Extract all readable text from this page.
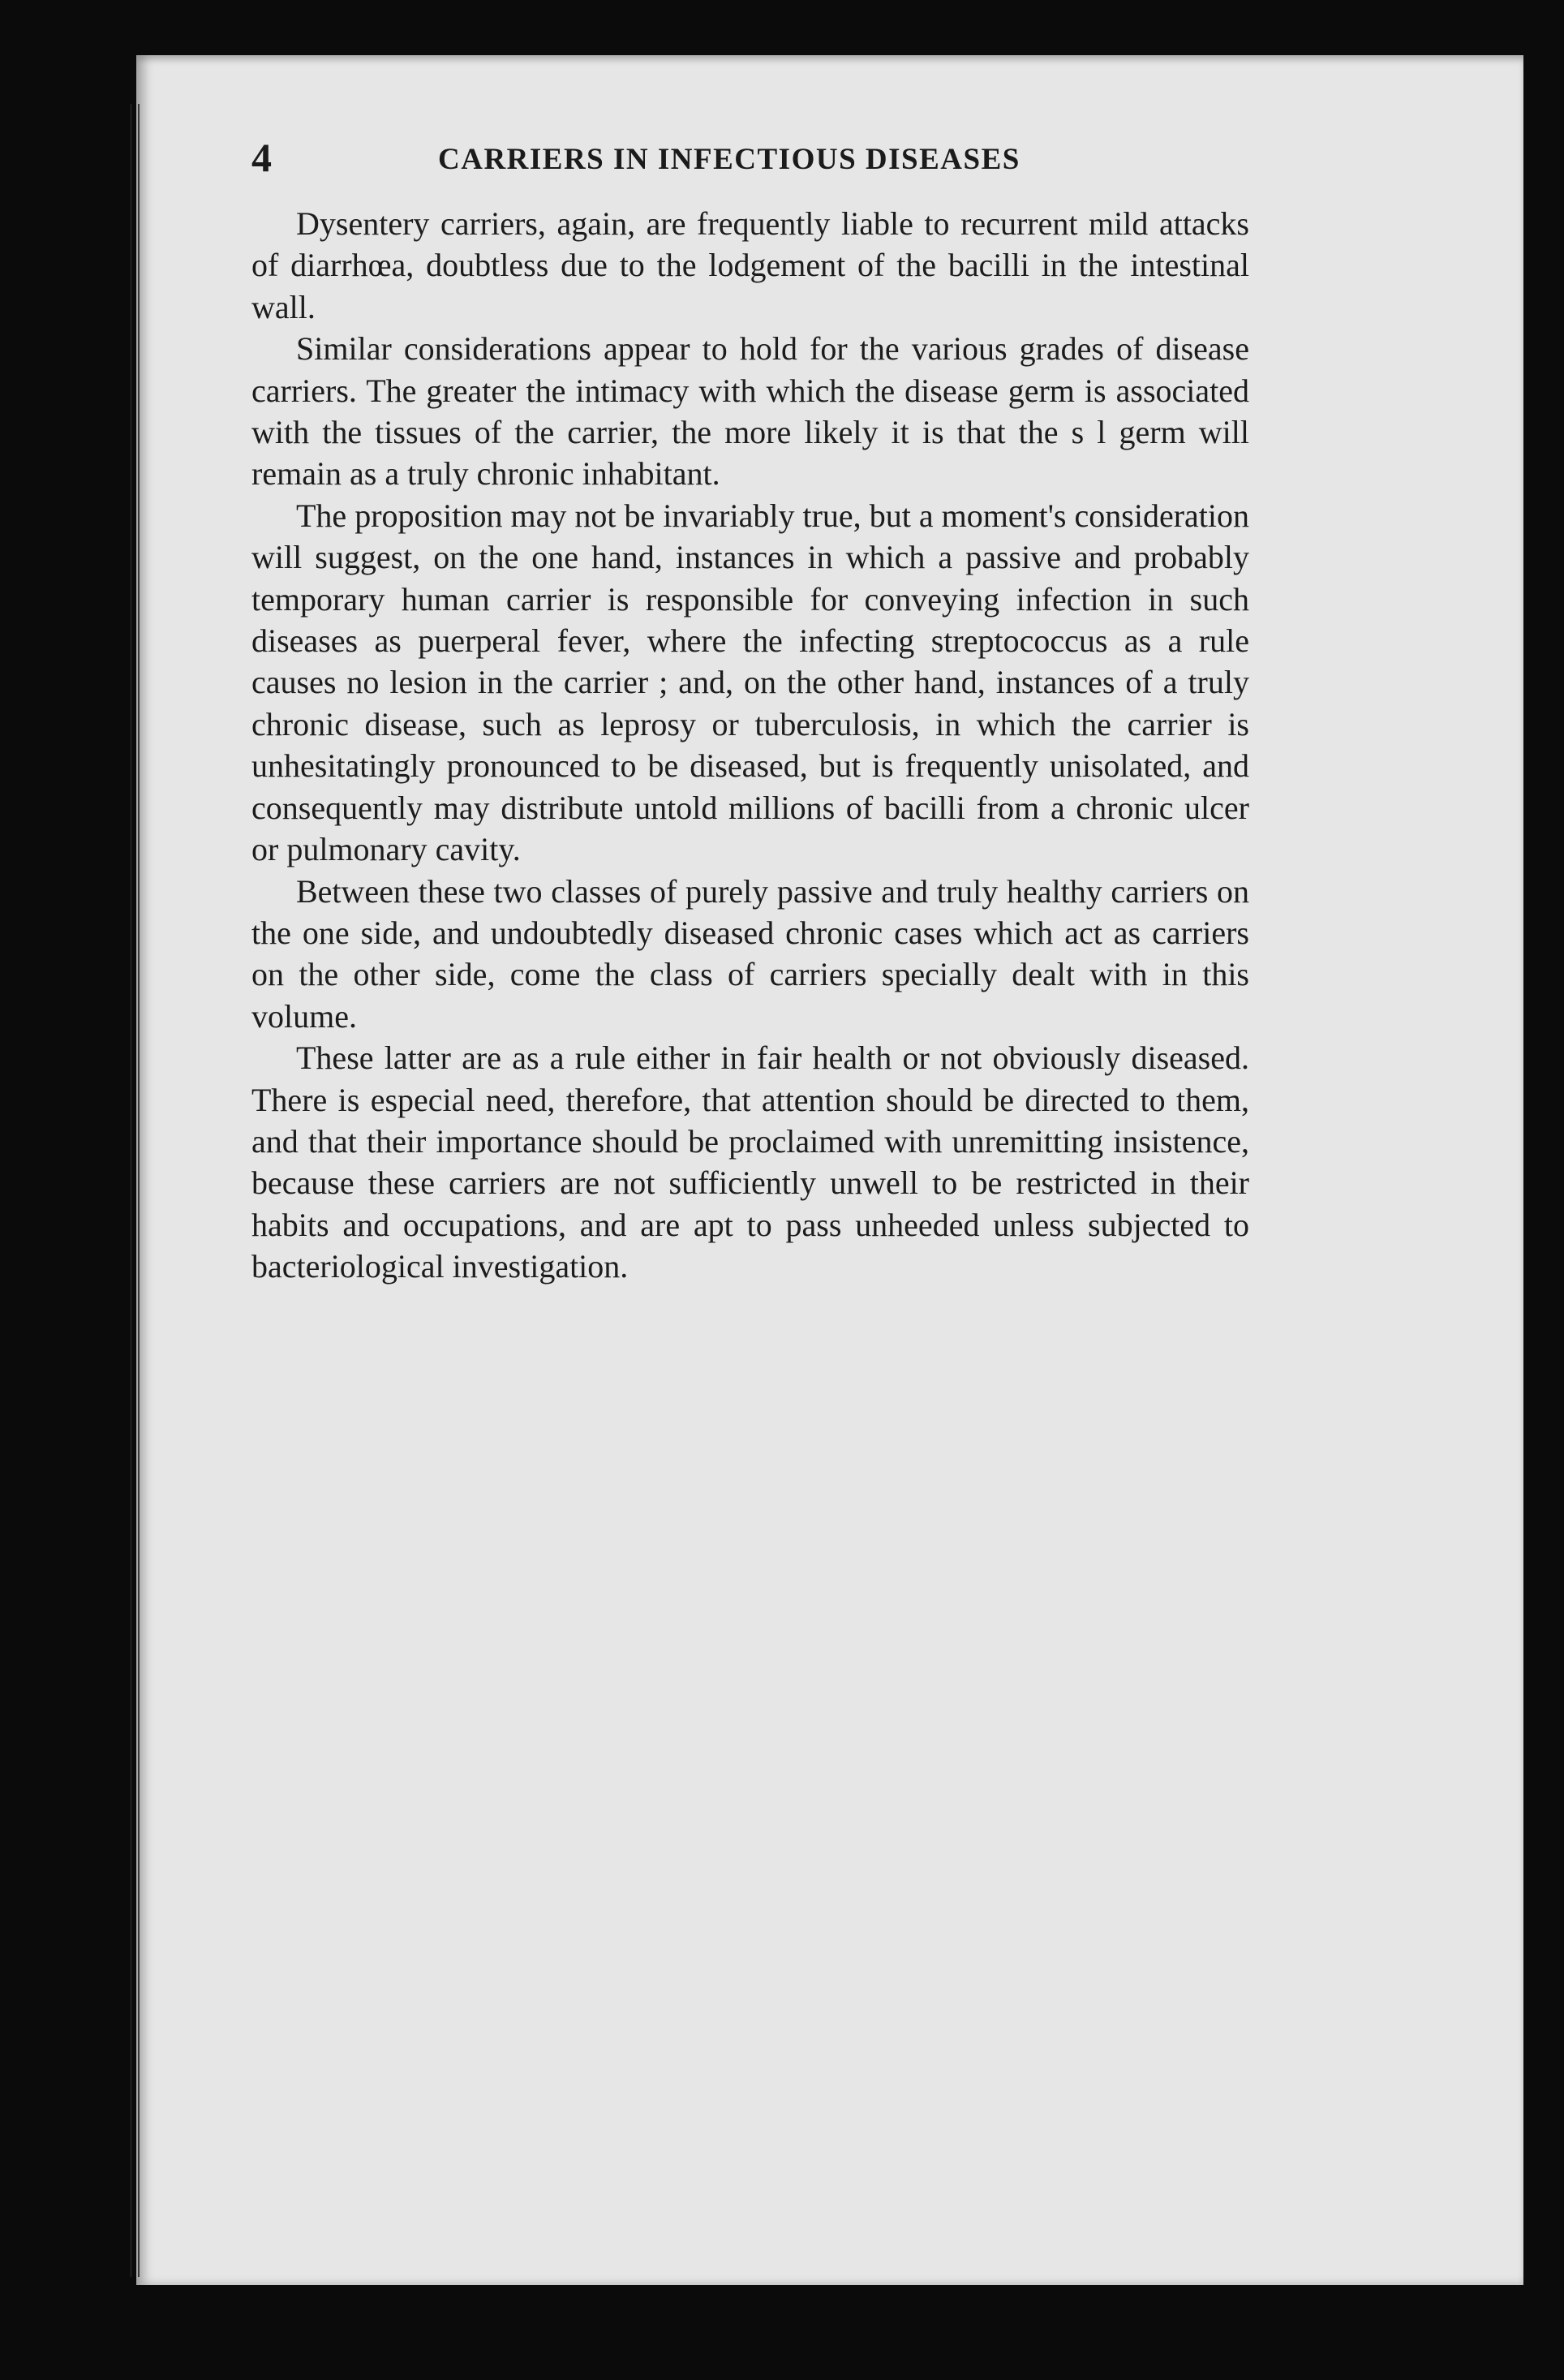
4	CARRIERS IN INFECTIOUS DISEASES

Dysentery carriers, again, are frequently liable to recurrent mild attacks of diarrhœa, doubtless due to the lodgement of the bacilli in the intestinal wall.

Similar considerations appear to hold for the various grades of disease carriers. The greater the intimacy with which the disease germ is associated with the tissues of the carrier, the more likely it is that the s l germ will remain as a truly chronic inhabitant.

The proposition may not be invariably true, but a moment's consideration will suggest, on the one hand, instances in which a passive and probably temporary human carrier is responsible for conveying infection in such diseases as puerperal fever, where the infecting streptococcus as a rule causes no lesion in the carrier ; and, on the other hand, instances of a truly chronic disease, such as leprosy or tuberculosis, in which the carrier is unhesitatingly pronounced to be diseased, but is frequently unisolated, and consequently may distribute untold millions of bacilli from a chronic ulcer or pulmonary cavity.

Between these two classes of purely passive and truly healthy carriers on the one side, and undoubtedly diseased chronic cases which act as carriers on the other side, come the class of carriers specially dealt with in this volume.

These latter are as a rule either in fair health or not obviously diseased. There is especial need, therefore, that attention should be directed to them, and that their importance should be proclaimed with unremitting insistence, because these carriers are not sufficiently unwell to be restricted in their habits and occupations, and are apt to pass unheeded unless subjected to bacteriological investigation.
